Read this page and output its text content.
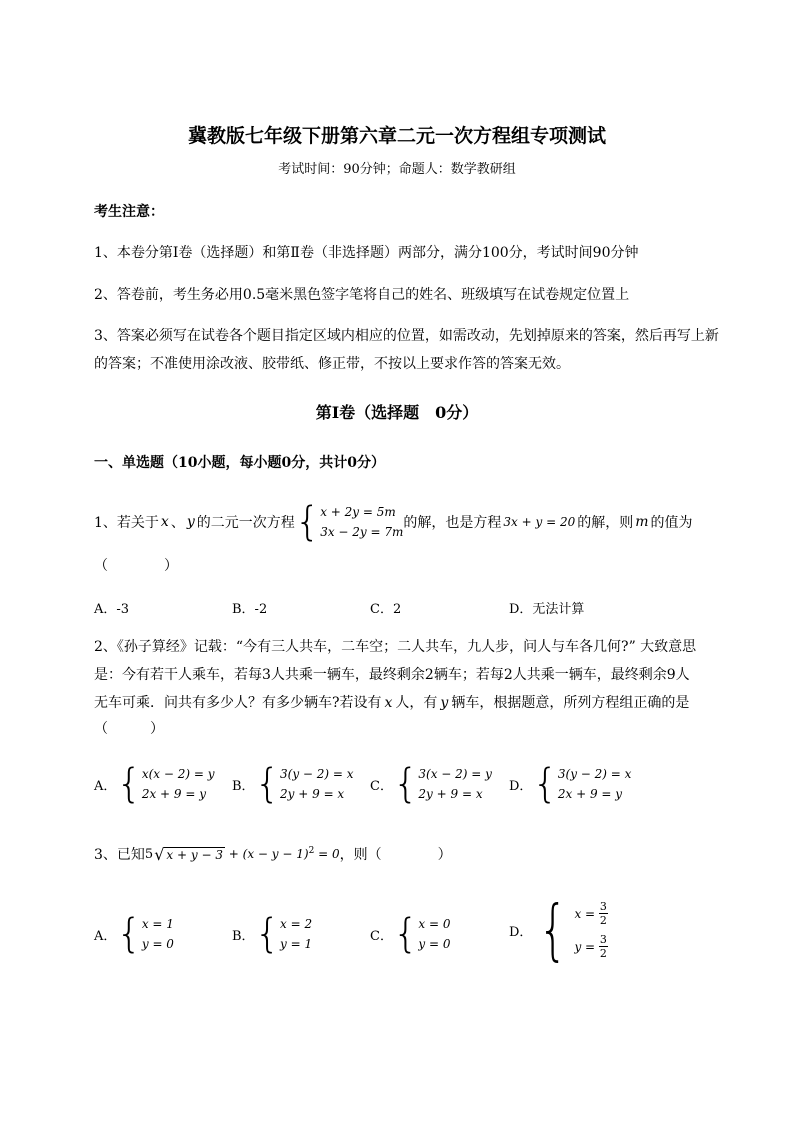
冀教版七年级下册第六章二元一次方程组专项测试
考试时间：90分钟；命题人：数学教研组
考生注意：
1、本卷分第I卷（选择题）和第Ⅱ卷（非选择题）两部分，满分100分，考试时间90分钟
2、答卷前，考生务必用0.5毫米黑色签字笔将自己的姓名、班级填写在试卷规定位置上
3、答案必须写在试卷各个题目指定区域内相应的位置，如需改动，先划掉原来的答案，然后再写上新
的答案；不准使用涂改液、胶带纸、修正带，不按以上要求作答的答案无效。
第I卷（选择题　0分）
一、单选题（10小题，每小题0分，共计0分）
1、若关于 x 、 y 的二元一次方程 { x + 2y = 5m
3x − 2y = 7m
的解，也是方程 3x + y = 20 的解，则 m 的值为
（　　　　）
A．-3	B．-2	C．2	D．无法计算
2、《孙子算经》记载：“今有三人共车，二车空；二人共车，九人步，问人与车各几何?” 大致意思
是：今有若干人乘车，若每3人共乘一辆车，最终剩余2辆车；若每2人共乘一辆车，最终剩余9人
无车可乘．问共有多少人？有多少辆车?若设有 x 人，有 y 辆车，根据题意，所列方程组正确的是
（　　　）
A． { x(x − 2) = y
2x + 9 = y
B． { 3(y − 2) = x
2y + 9 = x
C． { 3(x − 2) = y
2y + 9 = x
D． { 3(y − 2) = x
2x + 9 = y
3、已知 5 √ $x + y - 3 + (x - y - 1)^2 = 0$ ，则（　　　　）
A． { x = 1
y = 0
B． { x = 2
y = 1
C． { x = 0
y = 0
D． { $x = \frac{3}{2}$
$y = \frac{3}{2}$
